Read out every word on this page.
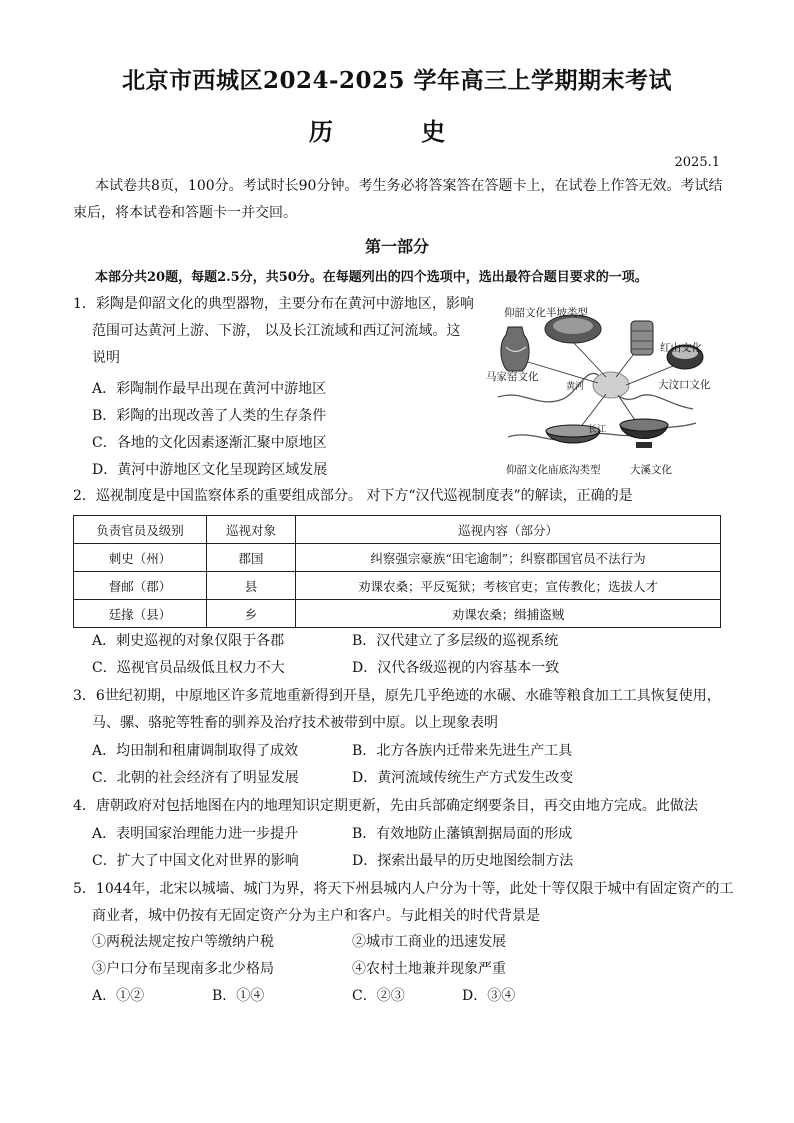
北京市西城区2024-2025 学年高三上学期期末考试
历 史
2025.1
本试卷共8页，100分。考试时长90分钟。考生务必将答案答在答题卡上，在试卷上作答无效。考试结
束后，将本试卷和答题卡一并交回。
第一部分
本部分共20题，每题2.5分，共50分。在每题列出的四个选项中，选出最符合题目要求的一项。
1．彩陶是仰韶文化的典型器物，主要分布在黄河中游地区，影响
范围可达黄河上游、下游， 以及长江流域和西辽河流域。这
说明
A．彩陶制作最早出现在黄河中游地区
B．彩陶的出现改善了人类的生存条件
C．各地的文化因素逐渐汇聚中原地区
D．黄河中游地区文化呈现跨区域发展
仰韶文化半坡类型
红山文化
马家窑文化
大汶口文化
黄河
长江
仰韶文化庙底沟类型	大溪文化
2．巡视制度是中国监察体系的重要组成部分。 对下方“汉代巡视制度表”的解读，正确的是
负责官员及级别	巡视对象	巡视内容（部分）
刺史（州）	郡国	纠察强宗豪族“田宅逾制”；纠察郡国官员不法行为
督邮（郡）	县	劝课农桑；平反冤狱；考核官吏；宣传教化；选拔人才
廷掾（县）	乡	劝课农桑；缉捕盗贼
A．刺史巡视的对象仅限于各郡	B．汉代建立了多层级的巡视系统
C．巡视官员品级低且权力不大	D．汉代各级巡视的内容基本一致
3．6世纪初期，中原地区许多荒地重新得到开垦，原先几乎绝迹的水碾、水碓等粮食加工工具恢复使用，
马、骡、骆驼等牲畜的驯养及治疗技术被带到中原。以上现象表明
A．均田制和租庸调制取得了成效	B．北方各族内迁带来先进生产工具
C．北朝的社会经济有了明显发展	D．黄河流域传统生产方式发生改变
4．唐朝政府对包括地图在内的地理知识定期更新，先由兵部确定纲要条目，再交由地方完成。此做法
A．表明国家治理能力进一步提升	B．有效地防止藩镇割据局面的形成
C．扩大了中国文化对世界的影响	D．探索出最早的历史地图绘制方法
5．1044年，北宋以城墙、城门为界，将天下州县城内人户分为十等，此处十等仅限于城中有固定资产的工
商业者，城中仍按有无固定资产分为主户和客户。与此相关的时代背景是
①两税法规定按户等缴纳户税	②城市工商业的迅速发展
③户口分布呈现南多北少格局	④农村土地兼并现象严重
A．①②	B．①④	C．②③	D．③④
